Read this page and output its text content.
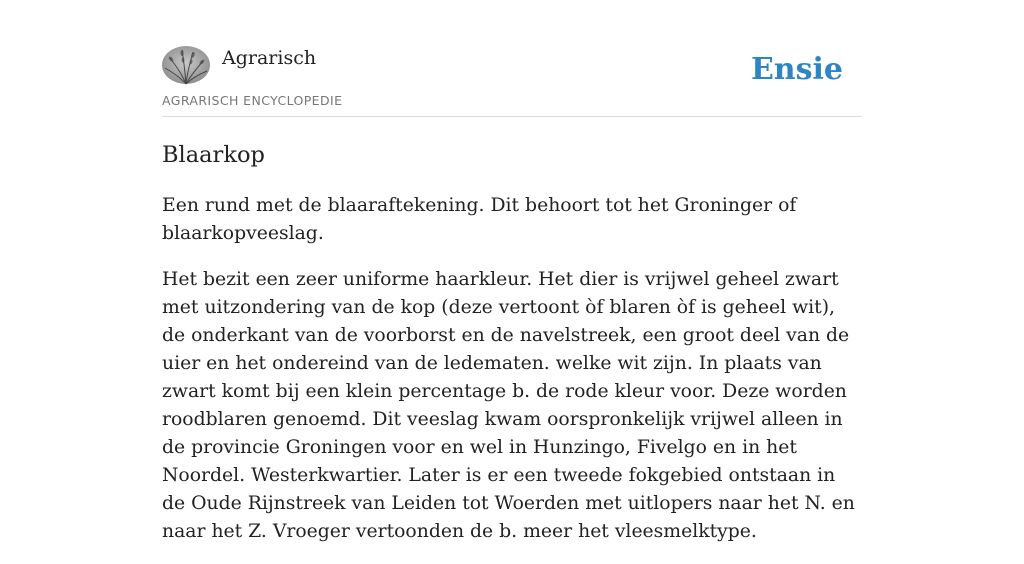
Agrarisch
AGRARISCH ENCYCLOPEDIE
Ensie
Blaarkop

Een rund met de blaaraftekening. Dit behoort tot het Groninger of blaarkopveeslag.

Het bezit een zeer uniforme haarkleur. Het dier is vrijwel geheel zwart met uitzondering van de kop (deze vertoont òf blaren òf is geheel wit), de onderkant van de voorborst en de navelstreek, een groot deel van de uier en het ondereind van de ledematen. welke wit zijn. In plaats van zwart komt bij een klein percentage b. de rode kleur voor. Deze worden roodblaren genoemd. Dit veeslag kwam oorspronkelijk vrijwel alleen in de provincie Groningen voor en wel in Hunzingo, Fivelgo en in het Noordel. Westerkwartier. Later is er een tweede fokgebied ontstaan in de Oude Rijnstreek van Leiden tot Woerden met uitlopers naar het N. en naar het Z. Vroeger vertoonden de b. meer het vleesmelktype.
